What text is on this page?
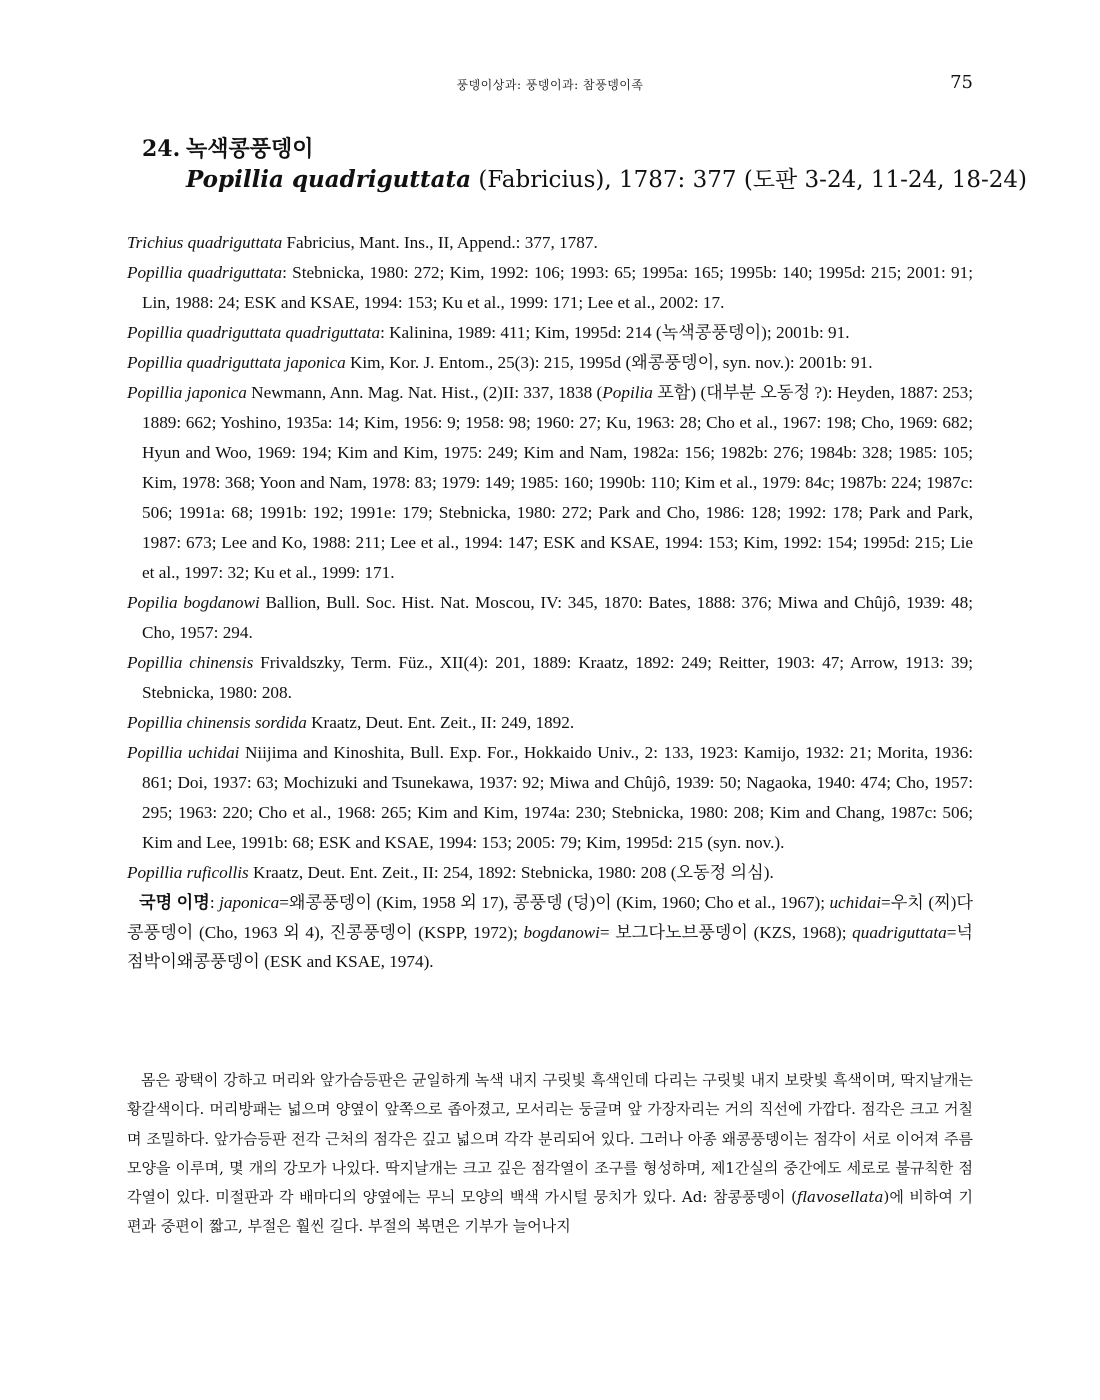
풍뎅이상과: 풍뎅이과: 참풍뎅이족	75
24. 녹색콩풍뎅이
Popillia quadriguttata (Fabricius), 1787: 377 (도판 3-24, 11-24, 18-24)

Trichius quadriguttata Fabricius, Mant. Ins., II, Append.: 377, 1787.

Popillia quadriguttata: Stebnicka, 1980: 272; Kim, 1992: 106; 1993: 65; 1995a: 165; 1995b: 140; 1995d: 215; 2001: 91; Lin, 1988: 24; ESK and KSAE, 1994: 153; Ku et al., 1999: 171; Lee et al., 2002: 17.

Popillia quadriguttata quadriguttata: Kalinina, 1989: 411; Kim, 1995d: 214 (녹색콩풍뎅이); 2001b: 91.

Popillia quadriguttata japonica Kim, Kor. J. Entom., 25(3): 215, 1995d (왜콩풍뎅이, syn. nov.): 2001b: 91.

Popillia japonica Newmann, Ann. Mag. Nat. Hist., (2)II: 337, 1838 (Popilia 포함) (대부분 오동정 ?): Heyden, 1887: 253; 1889: 662; Yoshino, 1935a: 14; Kim, 1956: 9; 1958: 98; 1960: 27; Ku, 1963: 28; Cho et al., 1967: 198; Cho, 1969: 682; Hyun and Woo, 1969: 194; Kim and Kim, 1975: 249; Kim and Nam, 1982a: 156; 1982b: 276; 1984b: 328; 1985: 105; Kim, 1978: 368; Yoon and Nam, 1978: 83; 1979: 149; 1985: 160; 1990b: 110; Kim et al., 1979: 84c; 1987b: 224; 1987c: 506; 1991a: 68; 1991b: 192; 1991e: 179; Stebnicka, 1980: 272; Park and Cho, 1986: 128; 1992: 178; Park and Park, 1987: 673; Lee and Ko, 1988: 211; Lee et al., 1994: 147; ESK and KSAE, 1994: 153; Kim, 1992: 154; 1995d: 215; Lie et al., 1997: 32; Ku et al., 1999: 171.

Popilia bogdanowi Ballion, Bull. Soc. Hist. Nat. Moscou, IV: 345, 1870: Bates, 1888: 376; Miwa and Chûjô, 1939: 48; Cho, 1957: 294.

Popillia chinensis Frivaldszky, Term. Füz., XII(4): 201, 1889: Kraatz, 1892: 249; Reitter, 1903: 47; Arrow, 1913: 39; Stebnicka, 1980: 208.

Popillia chinensis sordida Kraatz, Deut. Ent. Zeit., II: 249, 1892.

Popillia uchidai Niijima and Kinoshita, Bull. Exp. For., Hokkaido Univ., 2: 133, 1923: Kamijo, 1932: 21; Morita, 1936: 861; Doi, 1937: 63; Mochizuki and Tsunekawa, 1937: 92; Miwa and Chûjô, 1939: 50; Nagaoka, 1940: 474; Cho, 1957: 295; 1963: 220; Cho et al., 1968: 265; Kim and Kim, 1974a: 230; Stebnicka, 1980: 208; Kim and Chang, 1987c: 506; Kim and Lee, 1991b: 68; ESK and KSAE, 1994: 153; 2005: 79; Kim, 1995d: 215 (syn. nov.).

Popillia ruficollis Kraatz, Deut. Ent. Zeit., II: 254, 1892: Stebnicka, 1980: 208 (오동정 의심).

국명 이명: japonica=왜콩풍뎅이 (Kim, 1958 외 17), 콩풍뎅 (덩)이 (Kim, 1960; Cho et al., 1967); uchidai=우치 (찌)다콩풍뎅이 (Cho, 1963 외 4), 진콩풍뎅이 (KSPP, 1972); bogdanowi= 보그다노브풍뎅이 (KZS, 1968); quadriguttata=넉점박이왜콩풍뎅이 (ESK and KSAE, 1974).

몸은 광택이 강하고 머리와 앞가슴등판은 균일하게 녹색 내지 구릿빛 흑색인데 다리는 구릿빛 내지 보랏빛 흑색이며, 딱지날개는 황갈색이다. 머리방패는 넓으며 양옆이 앞쪽으로 좁아졌고, 모서리는 둥글며 앞 가장자리는 거의 직선에 가깝다. 점각은 크고 거칠며 조밀하다. 앞가슴등판 전각 근처의 점각은 깊고 넓으며 각각 분리되어 있다. 그러나 아종 왜콩풍뎅이는 점각이 서로 이어져 주름모양을 이루며, 몇 개의 강모가 나있다. 딱지날개는 크고 깊은 점각열이 조구를 형성하며, 제1간실의 중간에도 세로로 불규칙한 점각열이 있다. 미절판과 각 배마디의 양옆에는 무늬 모양의 백색 가시털 뭉치가 있다. Ad: 참콩풍뎅이 (flavosellata)에 비하여 기편과 중편이 짧고, 부절은 훨씬 길다. 부절의 복면은 기부가 늘어나지
